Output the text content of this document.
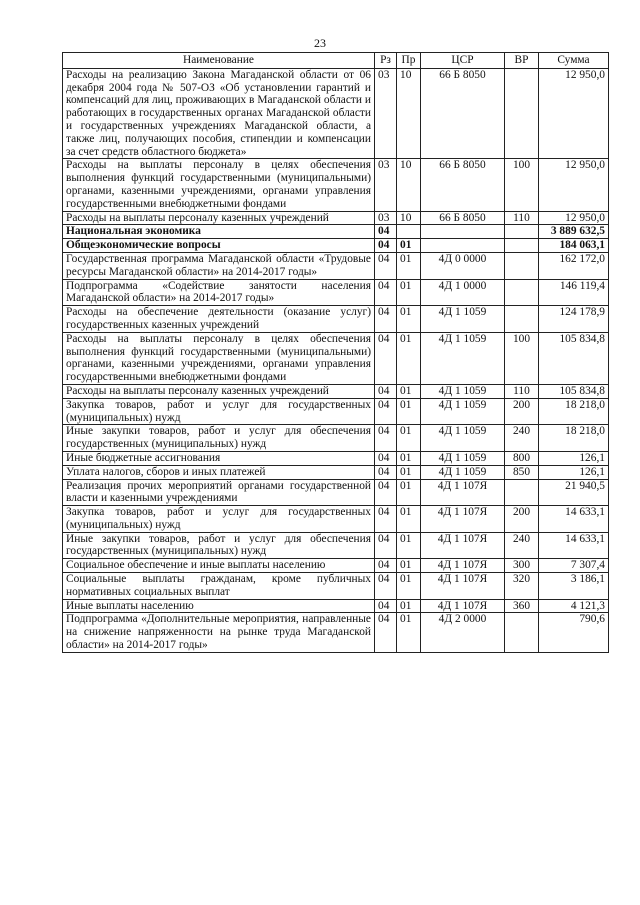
23
Наименование	Рз	Пр	ЦСР	ВР	Сумма
Расходы на реализацию Закона Магаданской области от 06 декабря 2004 года № 507-ОЗ «Об установлении гарантий и компенсаций для лиц, проживающих в Магаданской области и работающих в государственных органах Магаданской области и государственных учреждениях Магаданской области, а также лиц, получающих пособия, стипендии и компенсации за счет средств областного бюджета»	03	10	66 Б 8050		12 950,0
Расходы на выплаты персоналу в целях обеспечения выполнения функций государственными (муниципальными) органами, казенными учреждениями, органами управления государственными внебюджетными фондами	03	10	66 Б 8050	100	12 950,0
Расходы на выплаты персоналу казенных учреждений	03	10	66 Б 8050	110	12 950,0
Национальная экономика	04				3 889 632,5
Общеэкономические вопросы	04	01			184 063,1
Государственная программа Магаданской области «Трудовые ресурсы Магаданской области» на 2014-2017 годы»	04	01	4Д 0 0000		162 172,0
Подпрограмма «Содействие занятости населения Магаданской области» на 2014-2017 годы»	04	01	4Д 1 0000		146 119,4
Расходы на обеспечение деятельности (оказание услуг) государственных казенных учреждений	04	01	4Д 1 1059		124 178,9
Расходы на выплаты персоналу в целях обеспечения выполнения функций государственными (муниципальными) органами, казенными учреждениями, органами управления государственными внебюджетными фондами	04	01	4Д 1 1059	100	105 834,8
Расходы на выплаты персоналу казенных учреждений	04	01	4Д 1 1059	110	105 834,8
Закупка товаров, работ и услуг для государственных (муниципальных) нужд	04	01	4Д 1 1059	200	18 218,0
Иные закупки товаров, работ и услуг для обеспечения государственных (муниципальных) нужд	04	01	4Д 1 1059	240	18 218,0
Иные бюджетные ассигнования	04	01	4Д 1 1059	800	126,1
Уплата налогов, сборов и иных платежей	04	01	4Д 1 1059	850	126,1
Реализация прочих мероприятий органами государственной власти и казенными учреждениями	04	01	4Д 1 107Я		21 940,5
Закупка товаров, работ и услуг для государственных (муниципальных) нужд	04	01	4Д 1 107Я	200	14 633,1
Иные закупки товаров, работ и услуг для обеспечения государственных (муниципальных) нужд	04	01	4Д 1 107Я	240	14 633,1
Социальное обеспечение и иные выплаты населению	04	01	4Д 1 107Я	300	7 307,4
Социальные выплаты гражданам, кроме публичных нормативных социальных выплат	04	01	4Д 1 107Я	320	3 186,1
Иные выплаты населению	04	01	4Д 1 107Я	360	4 121,3
Подпрограмма «Дополнительные мероприятия, направленные на снижение напряженности на рынке труда Магаданской области» на 2014-2017 годы»	04	01	4Д 2 0000		790,6
